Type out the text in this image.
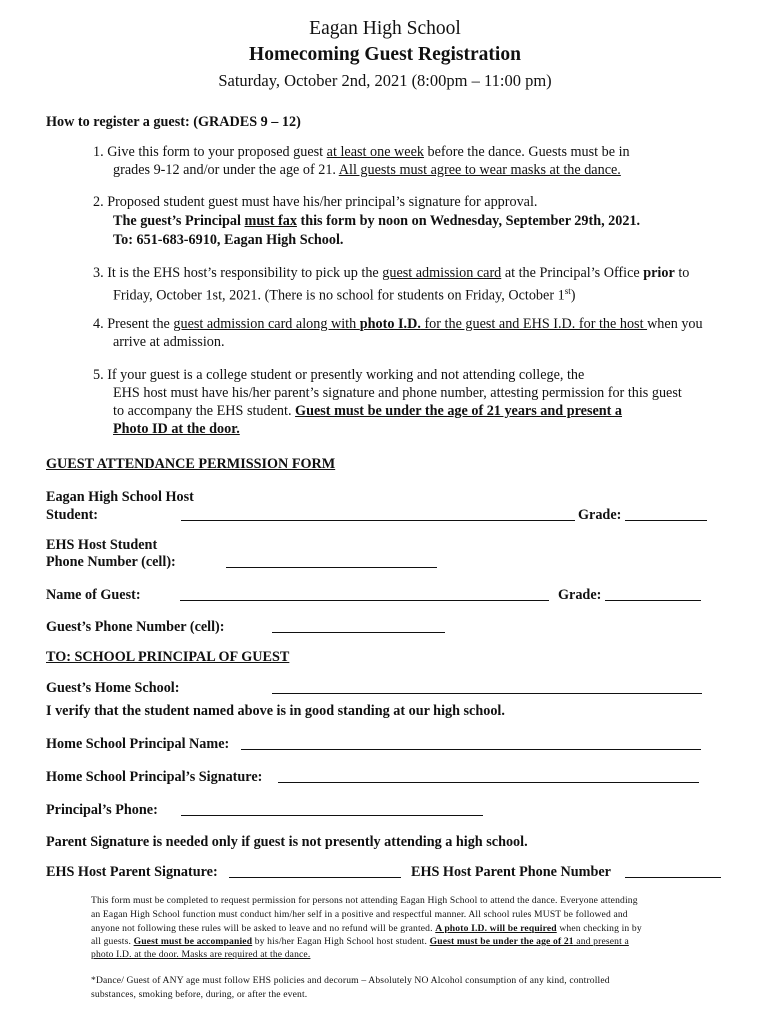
Eagan High School
Homecoming Guest Registration
Saturday, October 2nd, 2021 (8:00pm – 11:00 pm)
How to register a guest: (GRADES 9 – 12)
1. Give this form to your proposed guest at least one week before the dance. Guests must be in
grades 9-12 and/or under the age of 21. All guests must agree to wear masks at the dance.
2. Proposed student guest must have his/her principal’s signature for approval.
The guest’s Principal must fax this form by noon on Wednesday, September 29th, 2021.
To: 651-683-6910, Eagan High School.
3. It is the EHS host’s responsibility to pick up the guest admission card at the Principal’s Office prior to
Friday, October 1st, 2021. (There is no school for students on Friday, October 1st)
4. Present the guest admission card along with photo I.D. for the guest and EHS I.D. for the host when you
arrive at admission.
5. If your guest is a college student or presently working and not attending college, the
EHS host must have his/her parent’s signature and phone number, attesting permission for this guest
to accompany the EHS student. Guest must be under the age of 21 years and present a
Photo ID at the door.
GUEST ATTENDANCE PERMISSION FORM
Eagan High School Host
Student:	Grade:
EHS Host Student
Phone Number (cell):
Name of Guest:	Grade:
Guest’s Phone Number (cell):
TO: SCHOOL PRINCIPAL OF GUEST
Guest’s Home School:
I verify that the student named above is in good standing at our high school.
Home School Principal Name:
Home School Principal’s Signature:
Principal’s Phone:
Parent Signature is needed only if guest is not presently attending a high school.
EHS Host Parent Signature:	EHS Host Parent Phone Number
This form must be completed to request permission for persons not attending Eagan High School to attend the dance. Everyone attending
an Eagan High School function must conduct him/her self in a positive and respectful manner. All school rules MUST be followed and
anyone not following these rules will be asked to leave and no refund will be granted. A photo I.D. will be required when checking in by
all guests. Guest must be accompanied by his/her Eagan High School host student. Guest must be under the age of 21 and present a
photo I.D. at the door. Masks are required at the dance.
*Dance/ Guest of ANY age must follow EHS policies and decorum – Absolutely NO Alcohol consumption of any kind, controlled
substances, smoking before, during, or after the event.
